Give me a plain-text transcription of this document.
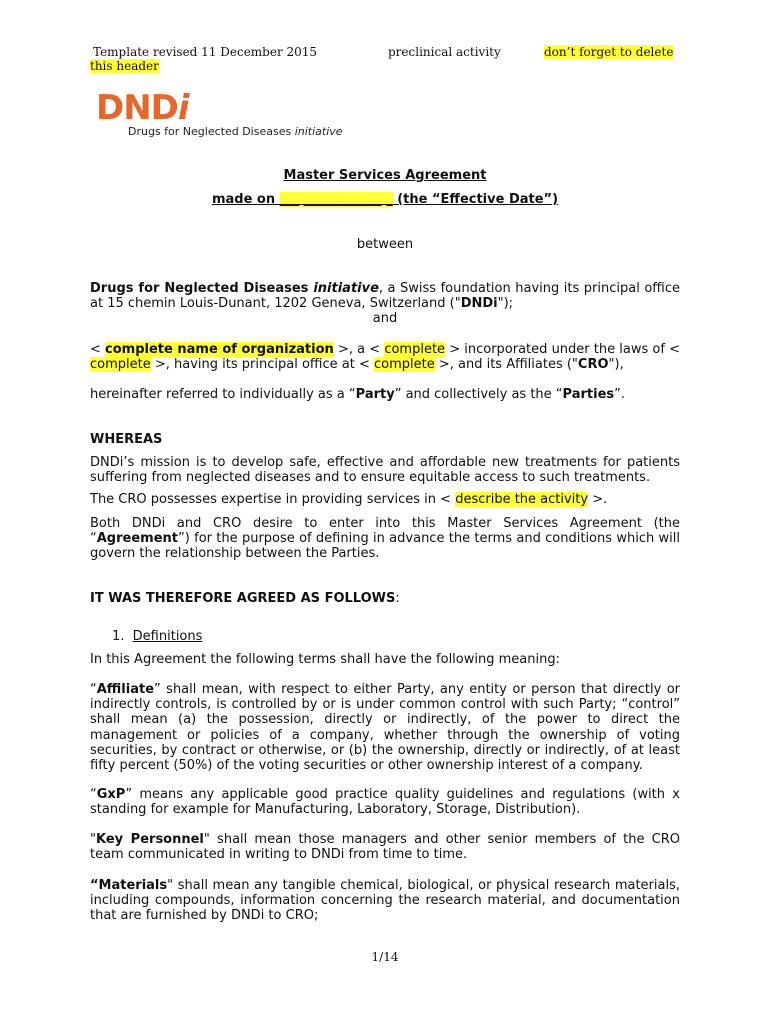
Template revised 11 December 2015	preclinical activity	don’t forget to delete
this header
DNDi
Drugs for Neglected Diseases initiative
Master Services Agreement
made on ___ ____________ _ (the “Effective Date”)
between
Drugs for Neglected Diseases initiative, a Swiss foundation having its principal office at 15 chemin Louis-Dunant, 1202 Geneva, Switzerland ("DNDi");
and
< complete name of organization >, a < complete > incorporated under the laws of < complete >, having its principal office at < complete >, and its Affiliates ("CRO"),
hereinafter referred to individually as a “Party” and collectively as the “Parties”.
WHEREAS
DNDi’s mission is to develop safe, effective and affordable new treatments for patients suffering from neglected diseases and to ensure equitable access to such treatments.
The CRO possesses expertise in providing services in < describe the activity >.
Both DNDi and CRO desire to enter into this Master Services Agreement (the “Agreement”) for the purpose of defining in advance the terms and conditions which will govern the relationship between the Parties.
IT WAS THEREFORE AGREED AS FOLLOWS:
1. Definitions
In this Agreement the following terms shall have the following meaning:
“Affiliate” shall mean, with respect to either Party, any entity or person that directly or indirectly controls, is controlled by or is under common control with such Party; “control” shall mean (a) the possession, directly or indirectly, of the power to direct the management or policies of a company, whether through the ownership of voting securities, by contract or otherwise, or (b) the ownership, directly or indirectly, of at least fifty percent (50%) of the voting securities or other ownership interest of a company.
“GxP” means any applicable good practice quality guidelines and regulations (with x standing for example for Manufacturing, Laboratory, Storage, Distribution).
"Key Personnel" shall mean those managers and other senior members of the CRO team communicated in writing to DNDi from time to time.
“Materials" shall mean any tangible chemical, biological, or physical research materials, including compounds, information concerning the research material, and documentation that are furnished by DNDi to CRO;
1/14
